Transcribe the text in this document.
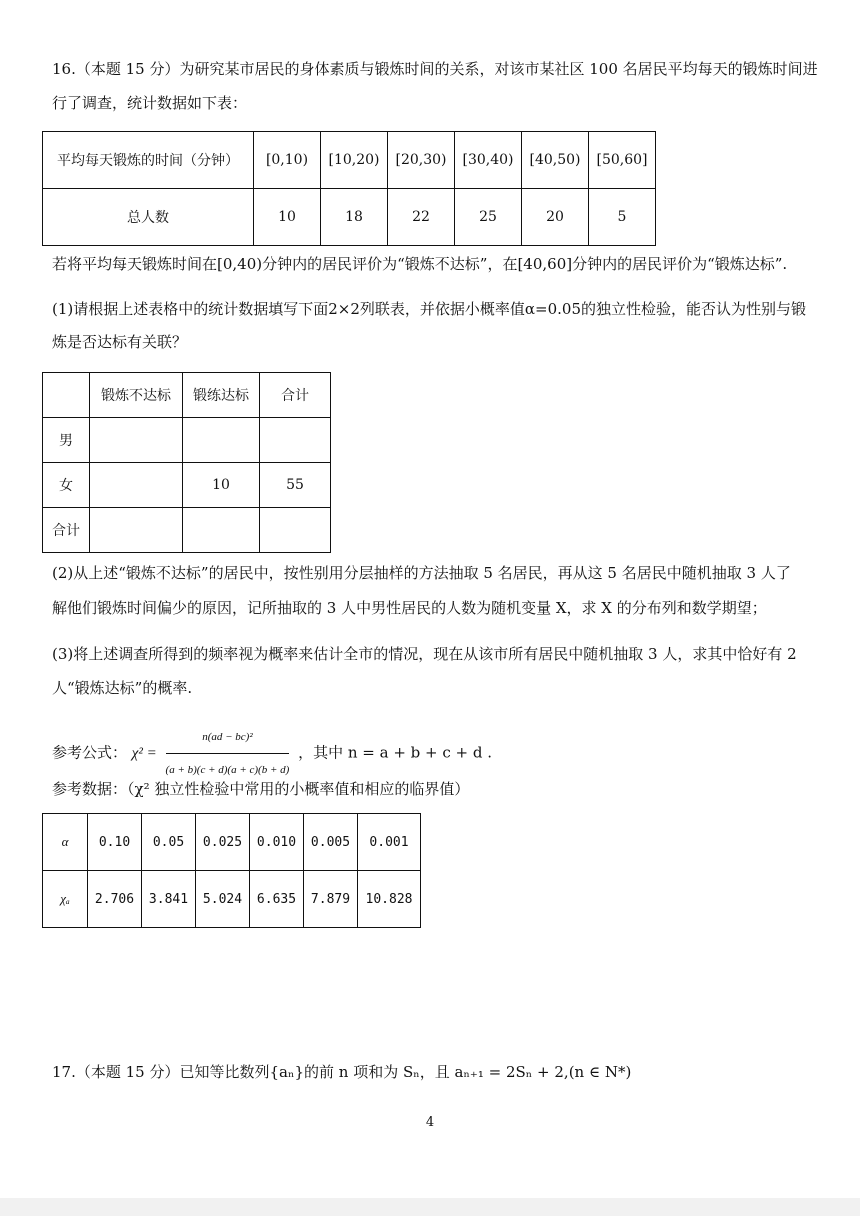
16.（本题 15 分）为研究某市居民的身体素质与锻炼时间的关系，对该市某社区 100 名居民平均每天的锻炼时间进
行了调查，统计数据如下表：
平均每天锻炼的时间（分钟）	[0,10)	[10,20)	[20,30)	[30,40)	[40,50)	[50,60]
总人数	10	18	22	25	20	5
若将平均每天锻炼时间在[0,40)分钟内的居民评价为“锻炼不达标”，在[40,60]分钟内的居民评价为“锻炼达标”.
(1)请根据上述表格中的统计数据填写下面2×2列联表，并依据小概率值α=0.05的独立性检验，能否认为性别与锻
炼是否达标有关联？
	锻炼不达标	锻练达标	合计
男			
女		10	55
合计			
(2)从上述“锻炼不达标”的居民中，按性别用分层抽样的方法抽取 5 名居民，再从这 5 名居民中随机抽取 3 人了
解他们锻炼时间偏少的原因，记所抽取的 3 人中男性居民的人数为随机变量 X，求 X 的分布列和数学期望；
(3)将上述调查所得到的频率视为概率来估计全市的情况，现在从该市所有居民中随机抽取 3 人，求其中恰好有 2
人“锻炼达标”的概率.
参考公式： $\chi^2 = \frac{\text{n(ad − bc)²}}{(a + b)(c + d)(a + c)(b + d)}$ ，其中 n = a + b + c + d .
参考数据：（χ² 独立性检验中常用的小概率值和相应的临界值）
α	0.10	0.05	0.025	0.010	0.005	0.001
χₐ	2.706	3.841	5.024	6.635	7.879	10.828
17.（本题 15 分）已知等比数列{aₙ}的前 n 项和为 Sₙ，且 aₙ₊₁ = 2Sₙ + 2,(n ∈ N*)
4
